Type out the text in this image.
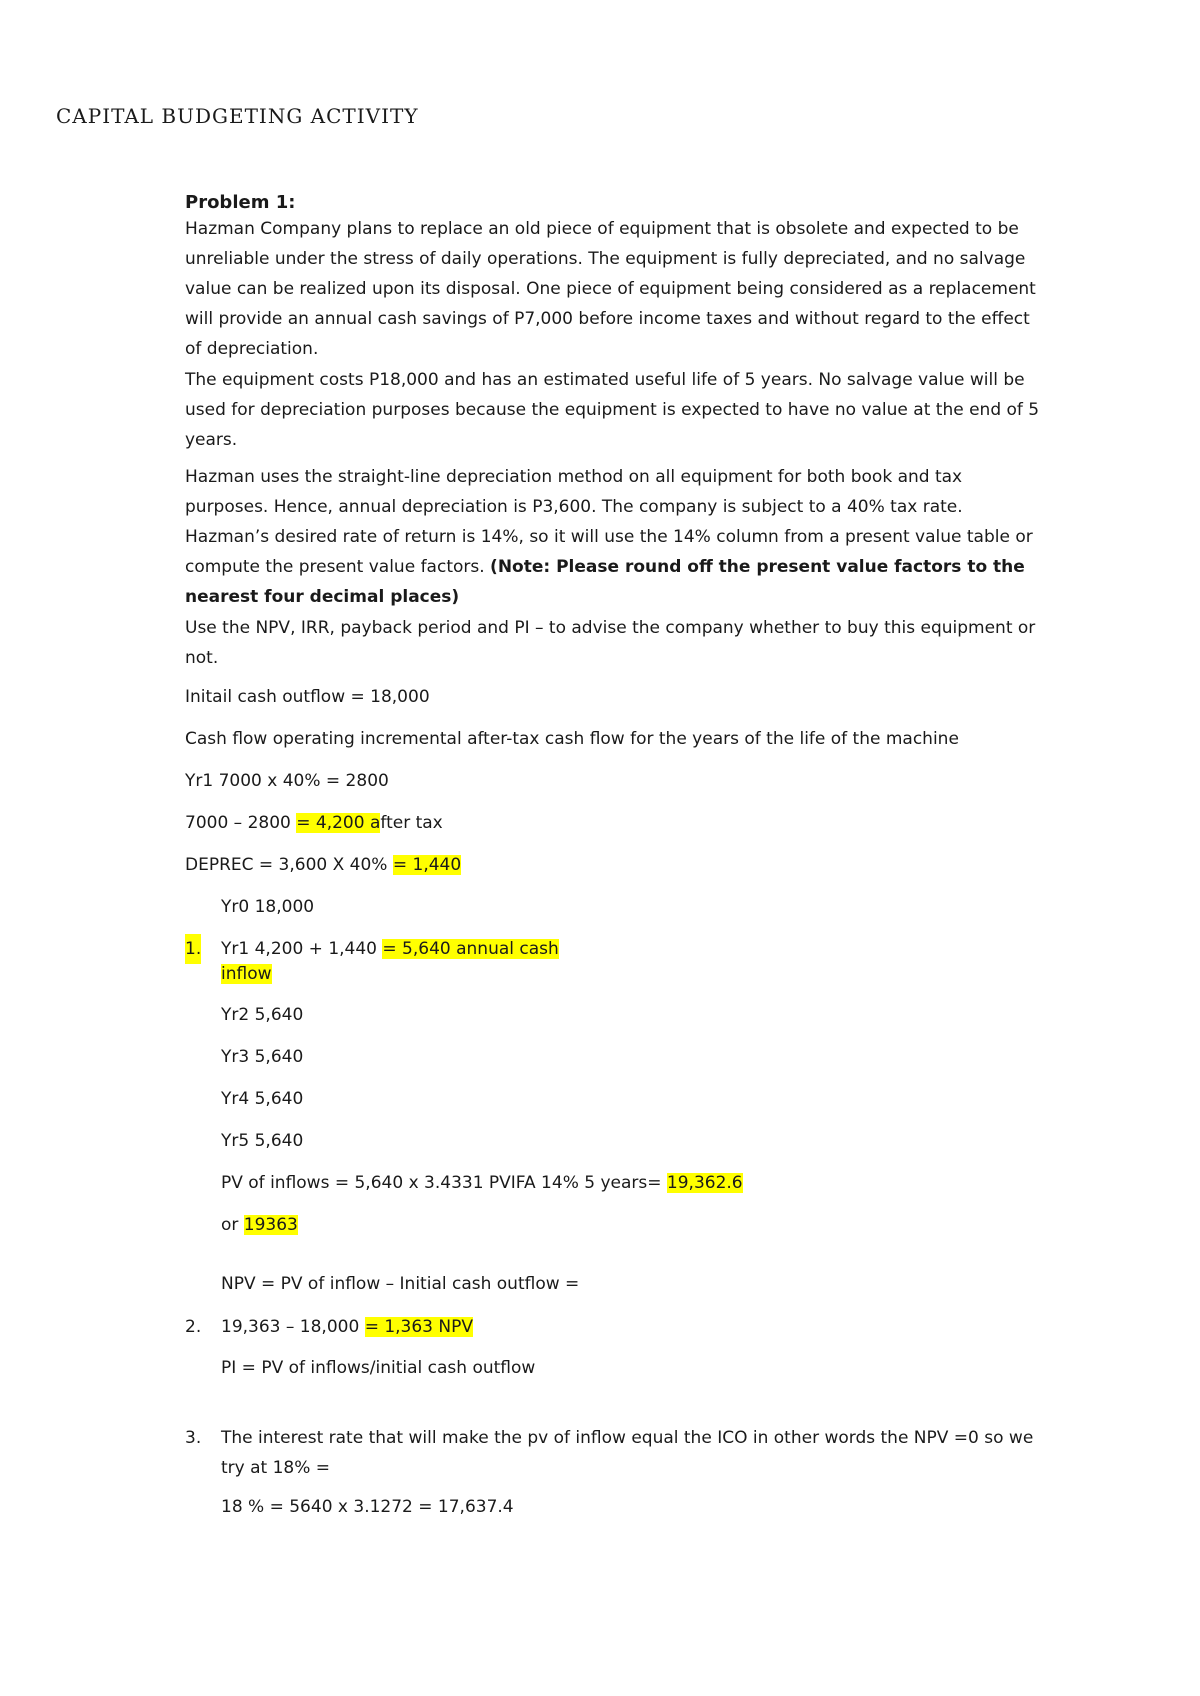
CAPITAL BUDGETING ACTIVITY

Problem 1:

Hazman Company plans to replace an old piece of equipment that is obsolete and expected to be unreliable under the stress of daily operations. The equipment is fully depreciated, and no salvage value can be realized upon its disposal. One piece of equipment being considered as a replacement will provide an annual cash savings of P7,000 before income taxes and without regard to the effect of depreciation.

The equipment costs P18,000 and has an estimated useful life of 5 years. No salvage value will be used for depreciation purposes because the equipment is expected to have no value at the end of 5 years.

Hazman uses the straight-line depreciation method on all equipment for both book and tax purposes. Hence, annual depreciation is P3,600. The company is subject to a 40% tax rate. Hazman’s desired rate of return is 14%, so it will use the 14% column from a present value table or compute the present value factors. (Note: Please round off the present value factors to the nearest four decimal places)

Use the NPV, IRR, payback period and PI – to advise the company whether to buy this equipment or not.

Initail cash outflow = 18,000

Cash flow operating incremental after-tax cash flow for the years of the life of the machine

Yr1 7000 x 40% = 2800

7000 – 2800 = 4,200 after tax

DEPREC = 3,600 X 40% = 1,440

Yr0 18,000

1. Yr1 4,200 + 1,440 = 5,640 annual cash

inflow

Yr2 5,640

Yr3 5,640

Yr4 5,640

Yr5 5,640

PV of inflows = 5,640 x 3.4331 PVIFA 14% 5 years= 19,362.6

or 19363

NPV = PV of inflow – Initial cash outflow =

2. 19,363 – 18,000 = 1,363 NPV

PI = PV of inflows/initial cash outflow

3. The interest rate that will make the pv of inflow equal the ICO in other words the NPV =0 so we try at 18% =

18 % = 5640 x 3.1272 = 17,637.4
